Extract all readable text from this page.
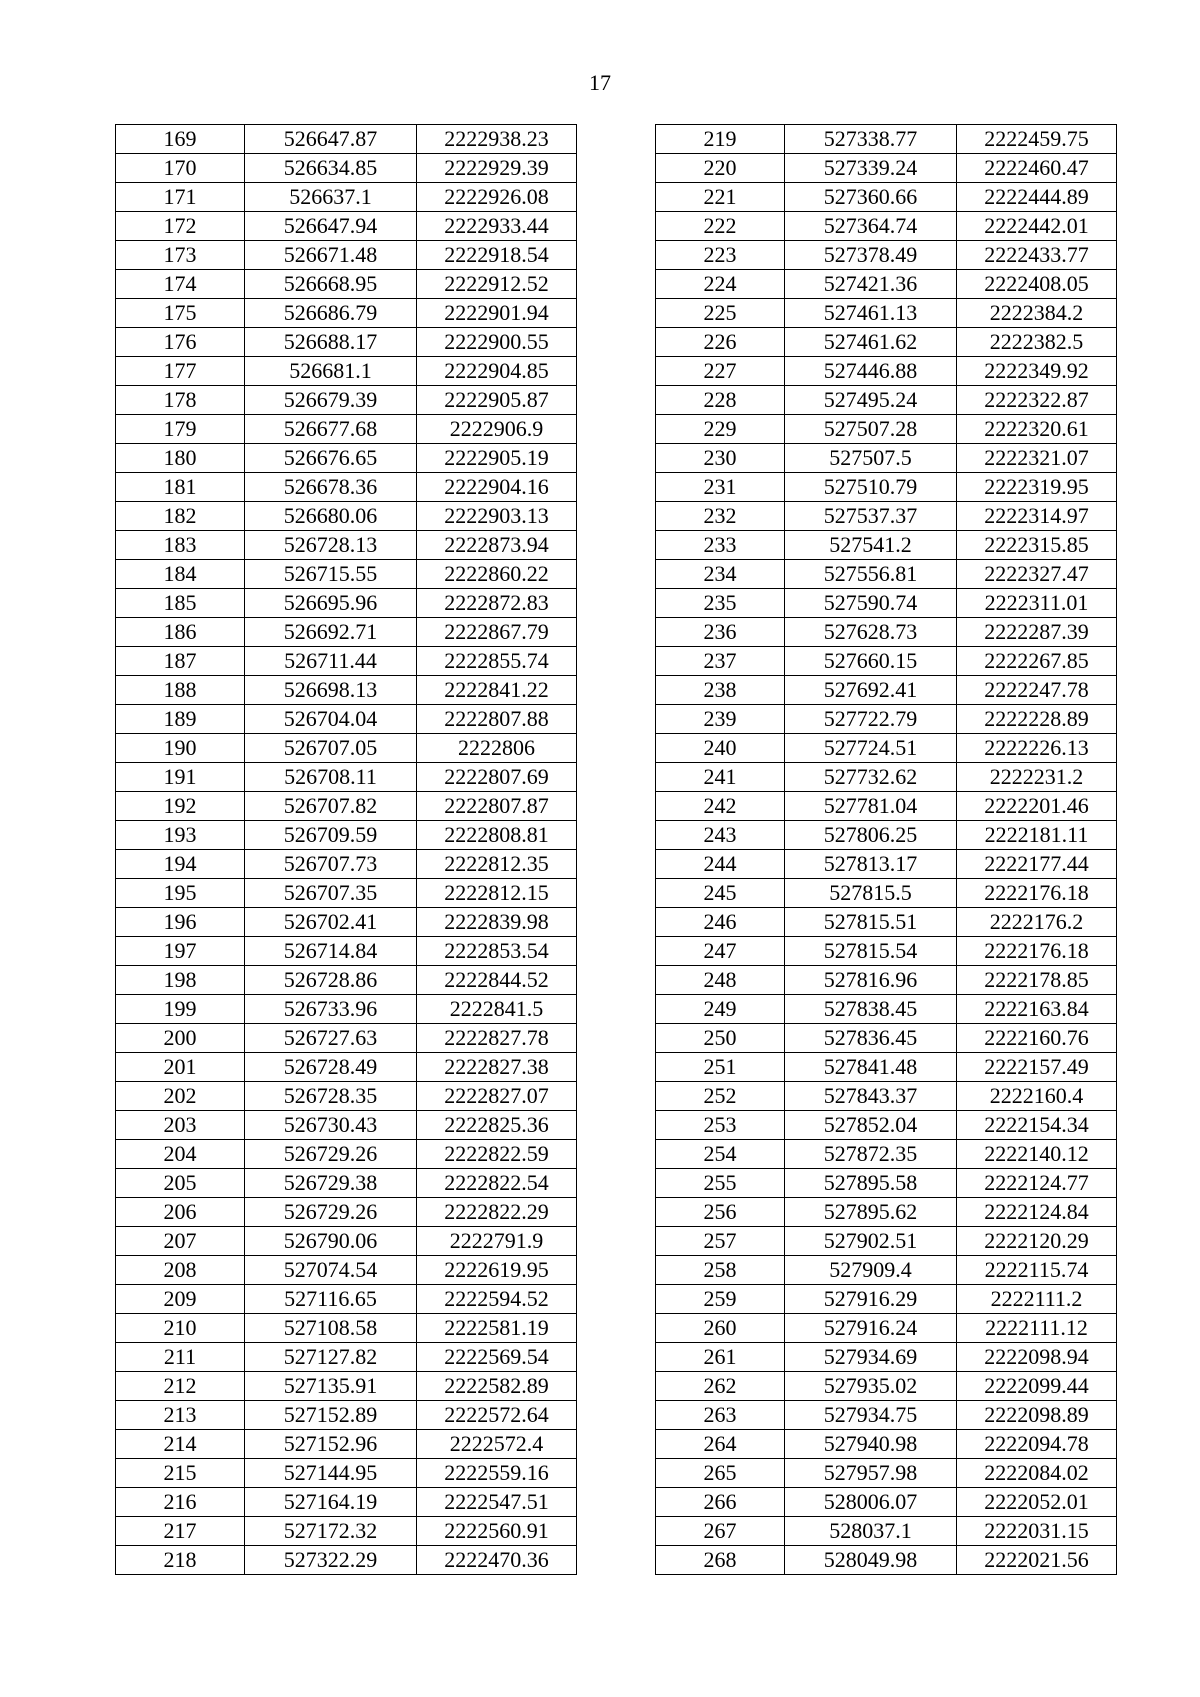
17
169	526647.87	2222938.23
170	526634.85	2222929.39
171	526637.1	2222926.08
172	526647.94	2222933.44
173	526671.48	2222918.54
174	526668.95	2222912.52
175	526686.79	2222901.94
176	526688.17	2222900.55
177	526681.1	2222904.85
178	526679.39	2222905.87
179	526677.68	2222906.9
180	526676.65	2222905.19
181	526678.36	2222904.16
182	526680.06	2222903.13
183	526728.13	2222873.94
184	526715.55	2222860.22
185	526695.96	2222872.83
186	526692.71	2222867.79
187	526711.44	2222855.74
188	526698.13	2222841.22
189	526704.04	2222807.88
190	526707.05	2222806
191	526708.11	2222807.69
192	526707.82	2222807.87
193	526709.59	2222808.81
194	526707.73	2222812.35
195	526707.35	2222812.15
196	526702.41	2222839.98
197	526714.84	2222853.54
198	526728.86	2222844.52
199	526733.96	2222841.5
200	526727.63	2222827.78
201	526728.49	2222827.38
202	526728.35	2222827.07
203	526730.43	2222825.36
204	526729.26	2222822.59
205	526729.38	2222822.54
206	526729.26	2222822.29
207	526790.06	2222791.9
208	527074.54	2222619.95
209	527116.65	2222594.52
210	527108.58	2222581.19
211	527127.82	2222569.54
212	527135.91	2222582.89
213	527152.89	2222572.64
214	527152.96	2222572.4
215	527144.95	2222559.16
216	527164.19	2222547.51
217	527172.32	2222560.91
218	527322.29	2222470.36
219	527338.77	2222459.75
220	527339.24	2222460.47
221	527360.66	2222444.89
222	527364.74	2222442.01
223	527378.49	2222433.77
224	527421.36	2222408.05
225	527461.13	2222384.2
226	527461.62	2222382.5
227	527446.88	2222349.92
228	527495.24	2222322.87
229	527507.28	2222320.61
230	527507.5	2222321.07
231	527510.79	2222319.95
232	527537.37	2222314.97
233	527541.2	2222315.85
234	527556.81	2222327.47
235	527590.74	2222311.01
236	527628.73	2222287.39
237	527660.15	2222267.85
238	527692.41	2222247.78
239	527722.79	2222228.89
240	527724.51	2222226.13
241	527732.62	2222231.2
242	527781.04	2222201.46
243	527806.25	2222181.11
244	527813.17	2222177.44
245	527815.5	2222176.18
246	527815.51	2222176.2
247	527815.54	2222176.18
248	527816.96	2222178.85
249	527838.45	2222163.84
250	527836.45	2222160.76
251	527841.48	2222157.49
252	527843.37	2222160.4
253	527852.04	2222154.34
254	527872.35	2222140.12
255	527895.58	2222124.77
256	527895.62	2222124.84
257	527902.51	2222120.29
258	527909.4	2222115.74
259	527916.29	2222111.2
260	527916.24	2222111.12
261	527934.69	2222098.94
262	527935.02	2222099.44
263	527934.75	2222098.89
264	527940.98	2222094.78
265	527957.98	2222084.02
266	528006.07	2222052.01
267	528037.1	2222031.15
268	528049.98	2222021.56
